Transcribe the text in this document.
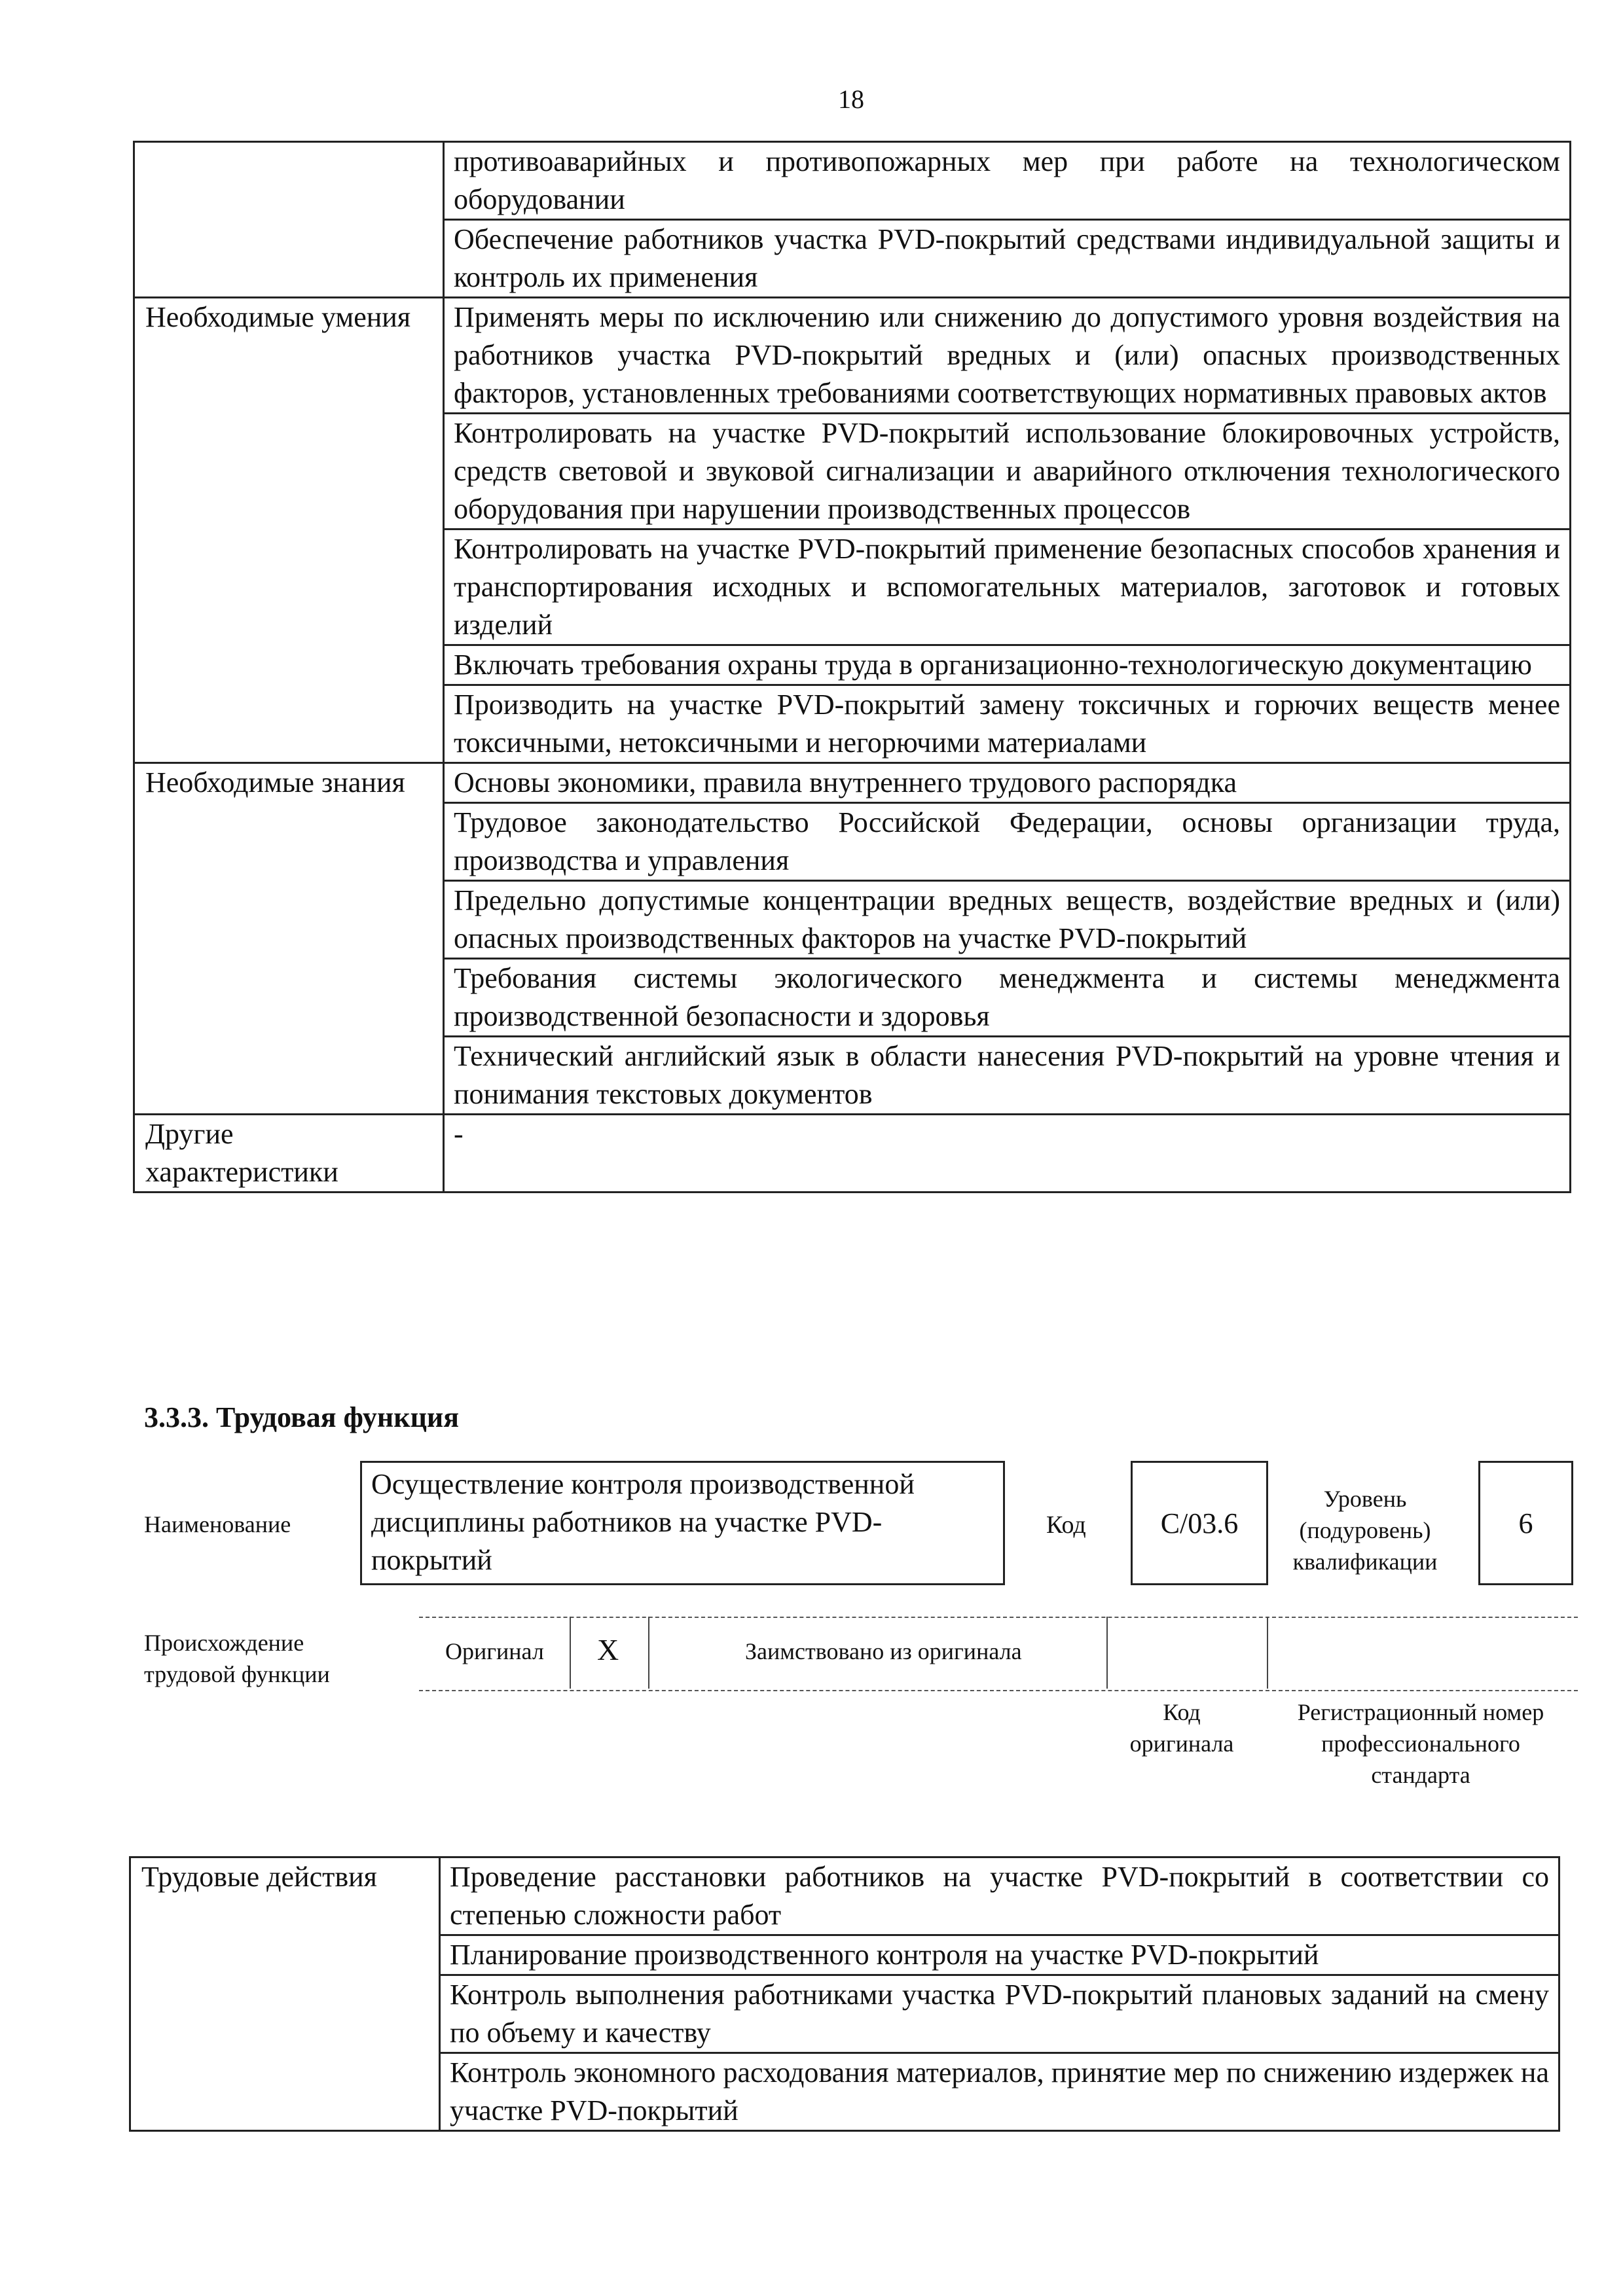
18
	противоаварийных и противопожарных мер при работе на технологическом оборудовании
	Обеспечение работников участка PVD-покрытий средствами индивидуальной защиты и контроль их применения
Необходимые умения	Применять меры по исключению или снижению до допустимого уровня воздействия на работников участка PVD-покрытий вредных и (или) опасных производственных факторов, установленных требованиями соответствующих нормативных правовых актов
	Контролировать на участке PVD-покрытий использование блокировочных устройств, средств световой и звуковой сигнализации и аварийного отключения технологического оборудования при нарушении производственных процессов
	Контролировать на участке PVD-покрытий применение безопасных способов хранения и транспортирования исходных и вспомогательных материалов, заготовок и готовых изделий
	Включать требования охраны труда в организационно-технологическую документацию
	Производить на участке PVD-покрытий замену токсичных и горючих веществ менее токсичными, нетоксичными и негорючими материалами
Необходимые знания	Основы экономики, правила внутреннего трудового распорядка
	Трудовое законодательство Российской Федерации, основы организации труда, производства и управления
	Предельно допустимые концентрации вредных веществ, воздействие вредных и (или) опасных производственных факторов на участке PVD-покрытий
	Требования системы экологического менеджмента и системы менеджмента производственной безопасности и здоровья
	Технический английский язык в области нанесения PVD-покрытий на уровне чтения и понимания текстовых документов
Другие характеристики	-
3.3.3. Трудовая функция
Наименование
Осуществление контроля производственной дисциплины работников на участке PVD-покрытий
Код	C/03.6
Уровень (подуровень) квалификации
6
Происхождение трудовой функции
Оригинал X	Заимствовано из оригинала
Код оригинала
Регистрационный номер профессионального стандарта
Трудовые действия	Проведение расстановки работников на участке PVD-покрытий в соответствии со степенью сложности работ
Планирование производственного контроля на участке PVD-покрытий
Контроль выполнения работниками участка PVD-покрытий плановых заданий на смену по объему и качеству
Контроль экономного расходования материалов, принятие мер по снижению издержек на участке PVD-покрытий
